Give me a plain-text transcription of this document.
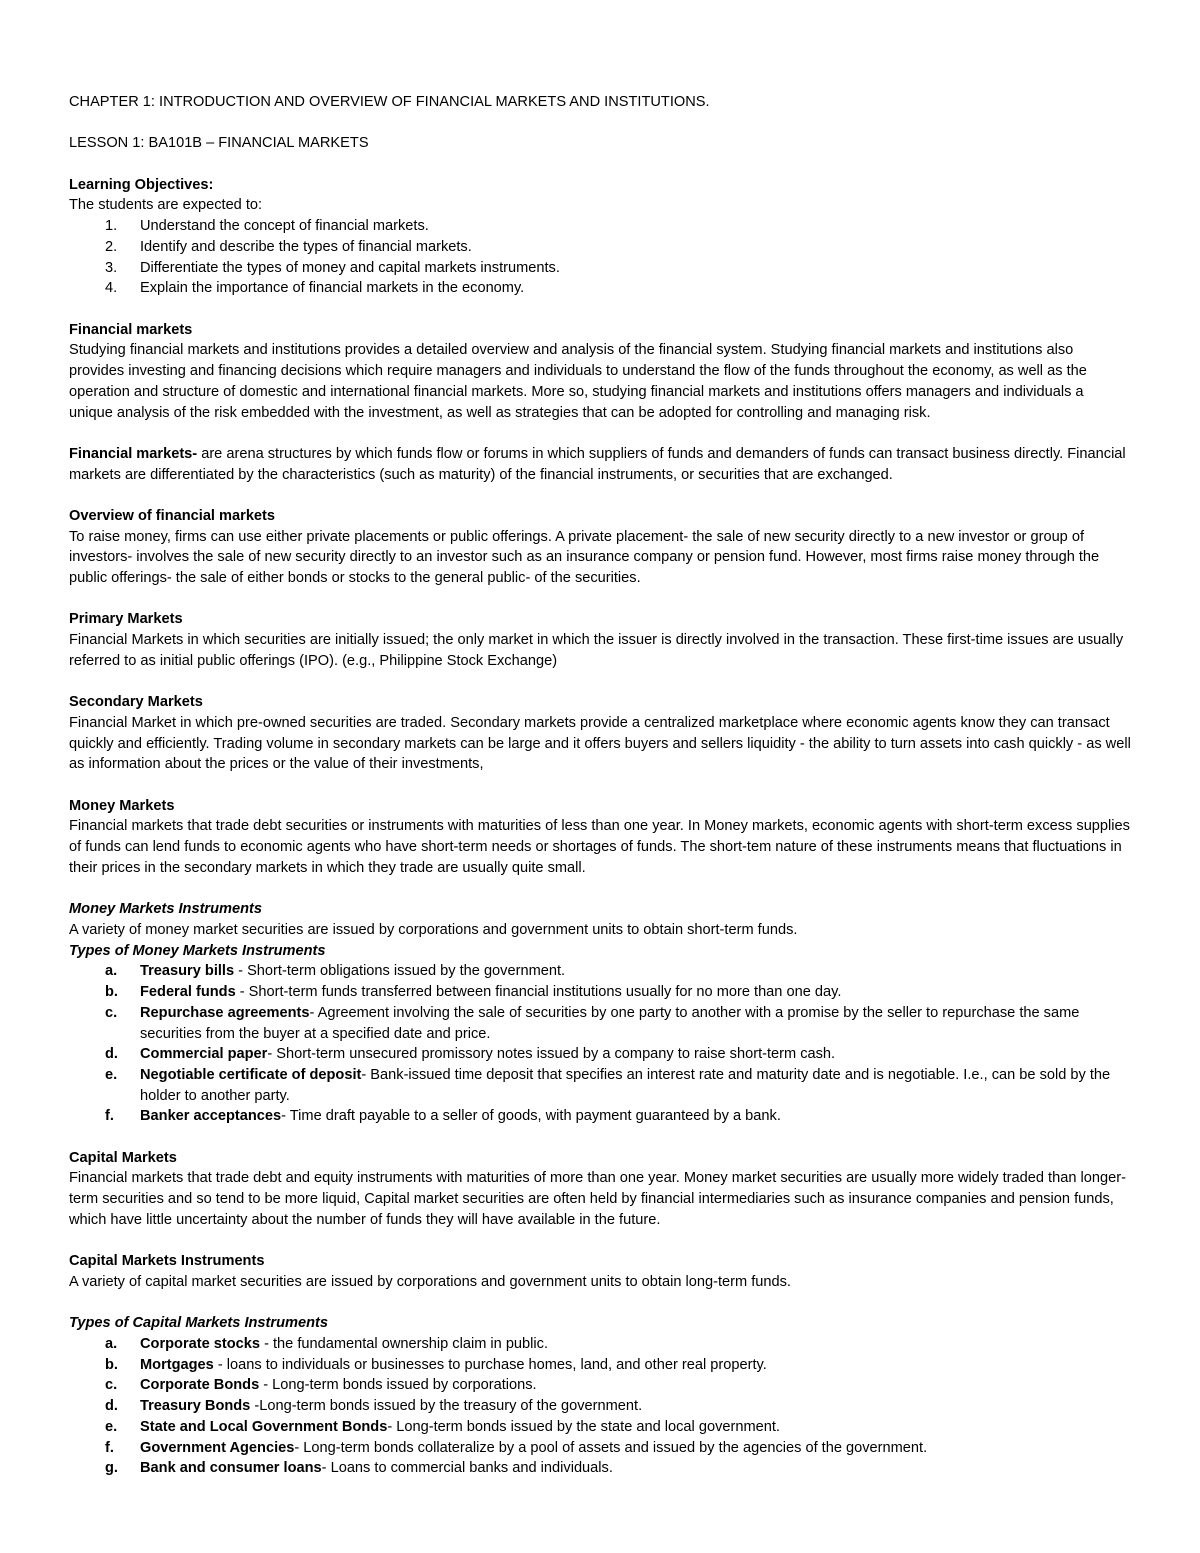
CHAPTER 1: INTRODUCTION AND OVERVIEW OF FINANCIAL MARKETS AND INSTITUTIONS.

LESSON 1: BA101B – FINANCIAL MARKETS

Learning Objectives:

The students are expected to:

1.	Understand the concept of financial markets.
2.	Identify and describe the types of financial markets.
3.	Differentiate the types of money and capital markets instruments.
4.	Explain the importance of financial markets in the economy.

Financial markets

Studying financial markets and institutions provides a detailed overview and analysis of the financial system. Studying financial markets and institutions also provides investing and financing decisions which require managers and individuals to understand the flow of the funds throughout the economy, as well as the operation and structure of domestic and international financial markets. More so, studying financial markets and institutions offers managers and individuals a unique analysis of the risk embedded with the investment, as well as strategies that can be adopted for controlling and managing risk.

Financial markets- are arena structures by which funds flow or forums in which suppliers of funds and demanders of funds can transact business directly. Financial markets are differentiated by the characteristics (such as maturity) of the financial instruments, or securities that are exchanged.

Overview of financial markets

To raise money, firms can use either private placements or public offerings. A private placement- the sale of new security directly to a new investor or group of investors- involves the sale of new security directly to an investor such as an insurance company or pension fund. However, most firms raise money through the public offerings- the sale of either bonds or stocks to the general public- of the securities.

Primary Markets

Financial Markets in which securities are initially issued; the only market in which the issuer is directly involved in the transaction. These first-time issues are usually referred to as initial public offerings (IPO). (e.g., Philippine Stock Exchange)

Secondary Markets

Financial Market in which pre-owned securities are traded. Secondary markets provide a centralized marketplace where economic agents know they can transact quickly and efficiently. Trading volume in secondary markets can be large and it offers buyers and sellers liquidity - the ability to turn assets into cash quickly - as well as information about the prices or the value of their investments,

Money Markets

Financial markets that trade debt securities or instruments with maturities of less than one year. In Money markets, economic agents with short-term excess supplies of funds can lend funds to economic agents who have short-term needs or shortages of funds. The short-tem nature of these instruments means that fluctuations in their prices in the secondary markets in which they trade are usually quite small.

Money Markets Instruments

A variety of money market securities are issued by corporations and government units to obtain short-term funds.

Types of Money Markets Instruments

a.	Treasury bills - Short-term obligations issued by the government.
b.	Federal funds - Short-term funds transferred between financial institutions usually for no more than one day.
c.	Repurchase agreements- Agreement involving the sale of securities by one party to another with a promise by the seller to repurchase the same securities from the buyer at a specified date and price.
d.	Commercial paper- Short-term unsecured promissory notes issued by a company to raise short-term cash.
e.	Negotiable certificate of deposit- Bank-issued time deposit that specifies an interest rate and maturity date and is negotiable. I.e., can be sold by the holder to another party.
f.	Banker acceptances- Time draft payable to a seller of goods, with payment guaranteed by a bank.

Capital Markets

Financial markets that trade debt and equity instruments with maturities of more than one year. Money market securities are usually more widely traded than longer-term securities and so tend to be more liquid, Capital market securities are often held by financial intermediaries such as insurance companies and pension funds, which have little uncertainty about the number of funds they will have available in the future.

Capital Markets Instruments

A variety of capital market securities are issued by corporations and government units to obtain long-term funds.

Types of Capital Markets Instruments

a.	Corporate stocks - the fundamental ownership claim in public.
b.	Mortgages - loans to individuals or businesses to purchase homes, land, and other real property.
c.	Corporate Bonds - Long-term bonds issued by corporations.
d.	Treasury Bonds -Long-term bonds issued by the treasury of the government.
e.	State and Local Government Bonds- Long-term bonds issued by the state and local government.
f.	Government Agencies- Long-term bonds collateralize by a pool of assets and issued by the agencies of the government.
g.	Bank and consumer loans- Loans to commercial banks and individuals.
